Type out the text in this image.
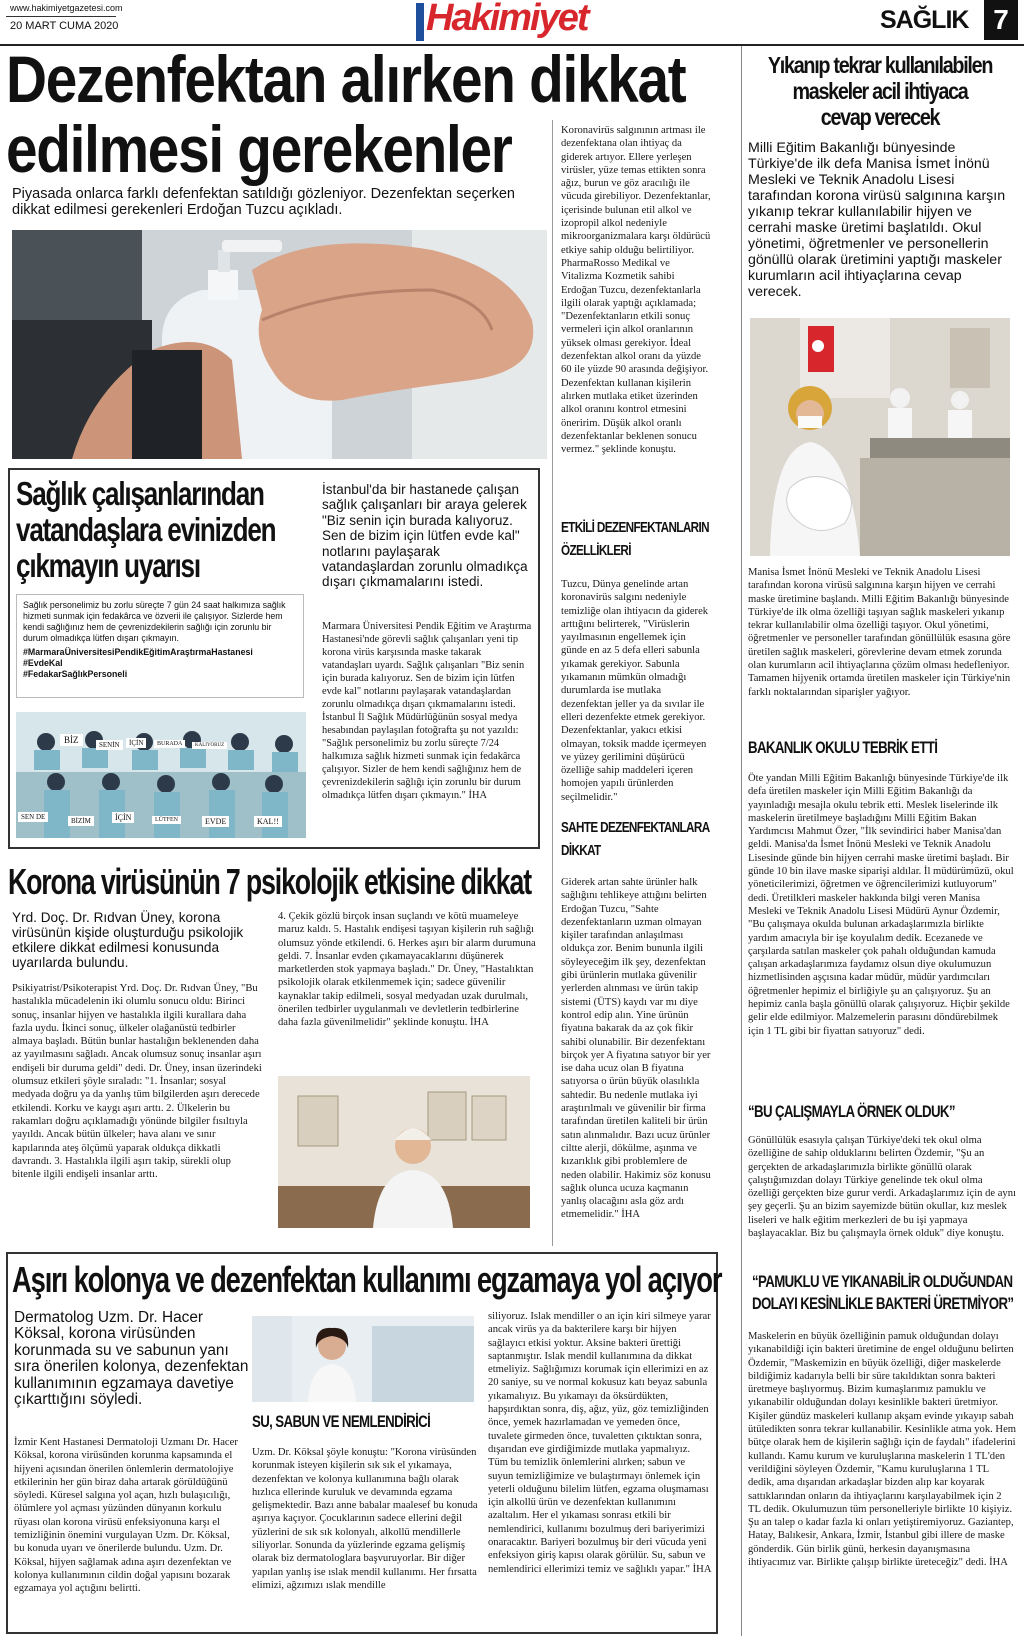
www.hakimiyetgazetesi.com
20 MART CUMA 2020	Hakimiyet	SAĞLIK 7
Dezenfektan alırken dikkat
edilmesi gerekenler
Piyasada onlarca farklı defenfektan satıldığı gözleniyor. Dezenfektan seçerken dikkat edilmesi gerekenleri Erdoğan Tuzcu açıkladı.
Koronavirüs salgınının artması ile dezenfektana olan ihtiyaç da giderek artıyor. Ellere yerleşen virüsler, yüze temas ettikten sonra ağız, burun ve göz aracılığı ile vücuda girebiliyor. Dezenfektanlar, içerisinde bulunan etil alkol ve izopropil alkol nedeniyle mikroorganizmalara karşı öldürücü etkiye sahip olduğu belirtiliyor. PharmaRosso Medikal ve Vitalizma Kozmetik sahibi Erdoğan Tuzcu, dezenfektanlarla ilgili olarak yaptığı açıklamada; "Dezenfektanların etkili sonuç vermeleri için alkol oranlarının yüksek olması gerekiyor. İdeal dezenfektan alkol oranı da yüzde 60 ile yüzde 90 arasında değişiyor. Dezenfektan kullanan kişilerin alırken mutlaka etiket üzerinden alkol oranını kontrol etmesini öneririm. Düşük alkol oranlı dezenfektanlar beklenen sonucu vermez." şeklinde konuştu.
ETKİLİ DEZENFEKTANLARIN ÖZELLİKLERİ
Tuzcu, Dünya genelinde artan koronavirüs salgını nedeniyle temizliğe olan ihtiyacın da giderek arttığını belirterek, "Virüslerin yayılmasının engellemek için günde en az 5 defa elleri sabunla yıkamak gerekiyor. Sabunla yıkamanın mümkün olmadığı durumlarda ise mutlaka dezenfektan jeller ya da sıvılar ile elleri dezenfekte etmek gerekiyor. Dezenfektanlar, yakıcı etkisi olmayan, toksik madde içermeyen ve yüzey gerilimini düşürücü özelliğe sahip maddeleri içeren homojen yapılı ürünlerden seçilmelidir."
SAHTE DEZENFEKTANLARA DİKKAT
Giderek artan sahte ürünler halk sağlığını tehlikeye attığını belirten Erdoğan Tuzcu, "Sahte dezenfektanların uzman olmayan kişiler tarafından anlaşılması oldukça zor. Benim bununla ilgili söyleyeceğim ilk şey, dezenfektan gibi ürünlerin mutlaka güvenilir yerlerden alınması ve ürün takip sistemi (ÜTS) kaydı var mı diye kontrol edip alın. Yine ürünün fiyatına bakarak da az çok fikir sahibi olunabilir. Bir dezenfektanı birçok yer A fiyatına satıyor bir yer ise daha ucuz olan B fiyatına satıyorsa o ürün büyük olasılıkla sahtedir. Bu nedenle mutlaka iyi araştırılmalı ve güvenilir bir firma tarafından üretilen kaliteli bir ürün satın alınmalıdır. Bazı ucuz ürünler ciltte alerji, dökülme, aşınma ve kızarıklık gibi problemlere de neden olabilir. Hakimiz söz konusu sağlık olunca ucuza kaçmanın yanlış olacağını asla göz ardı etmemelidir." İHA
Sağlık çalışanlarından
vatandaşlara evinizden
çıkmayın uyarısı
Sağlık personelimiz bu zorlu süreçte 7 gün 24 saat halkımıza sağlık hizmeti sunmak için fedakârca ve özverii ile çalışıyor. Sizlerde hem kendi sağlığınız hem de çevrenizdekilerin sağlığı için zorunlu bir durum olmadıkça lütfen dışarı çıkmayın.
#MarmaraÜniversitesiPendikEğitimAraştırmaHastanesi
#EvdeKal
#FedakarSağlıkPersoneli
BİZ	SENİN	İÇİN	BURADA	KALIYORUZ
SEN DE	BİZİM	İÇİN	LÜTFEN	EVDE	KAL!!
İstanbul'da bir hastanede çalışan sağlık çalışanları bir araya gelerek "Biz senin için burada kalıyoruz. Sen de bizim için lütfen evde kal" notlarını paylaşarak vatandaşlardan zorunlu olmadıkça dışarı çıkmamalarını istedi.
Marmara Üniversitesi Pendik Eğitim ve Araştırma Hastanesi'nde görevli sağlık çalışanları yeni tip korona virüs karşısında maske takarak vatandaşları uyardı. Sağlık çalışanları "Biz senin için burada kalıyoruz. Sen de bizim için lütfen evde kal" notlarını paylaşarak vatandaşlardan zorunlu olmadıkça dışarı çıkmamalarını istedi. İstanbul İl Sağlık Müdürlüğünün sosyal medya hesabından paylaşılan fotoğrafta şu not yazıldı: "Sağlık personelimiz bu zorlu süreçte 7/24 halkımıza sağlık hizmeti sunmak için fedakârca çalışıyor. Sizler de hem kendi sağlığınız hem de çevrenizdekilerin sağlığı için zorunlu bir durum olmadıkça lütfen dışarı çıkmayın." İHA
Korona virüsünün 7 psikolojik etkisine dikkat
Yrd. Doç. Dr. Rıdvan Üney, korona virüsünün kişide oluşturduğu psikolojik etkilere dikkat edilmesi konusunda uyarılarda bulundu.
Psikiyatrist/Psikoterapist Yrd. Doç. Dr. Rıdvan Üney, "Bu hastalıkla mücadelenin iki olumlu sonucu oldu: Birinci sonuç, insanlar hijyen ve hastalıkla ilgili kurallara daha fazla uydu. İkinci sonuç, ülkeler olağanüstü tedbirler almaya başladı. Bütün bunlar hastalığın beklenenden daha az yayılmasını sağladı. Ancak olumsuz sonuç insanlar aşırı endişeli bir duruma geldi" dedi. Dr. Üney, insan üzerindeki olumsuz etkileri şöyle sıraladı: "1. İnsanlar; sosyal medyada doğru ya da yanlış tüm bilgilerden aşırı derecede etkilendi. Korku ve kaygı aşırı arttı. 2. Ülkelerin bu rakamları doğru açıklamadığı yönünde bilgiler fısıltıyla yayıldı. Ancak bütün ülkeler; hava alanı ve sınır kapılarında ateş ölçümü yaparak oldukça dikkatli davrandı. 3. Hastalıkla ilgili aşırı takip, sürekli olup bitenle ilgili endişeli insanlar arttı.
4. Çekik gözlü birçok insan suçlandı ve kötü muameleye maruz kaldı. 5. Hastalık endişesi taşıyan kişilerin ruh sağlığı olumsuz yönde etkilendi. 6. Herkes aşırı bir alarm durumuna geldi. 7. İnsanlar evden çıkamayacaklarını düşünerek marketlerden stok yapmaya başladı." Dr. Üney, "Hastalıktan psikolojik olarak etkilenmemek için; sadece güvenilir kaynaklar takip edilmeli, sosyal medyadan uzak durulmalı, önerilen tedbirler uygulanmalı ve devletlerin tedbirlerine daha fazla güvenilmelidir" şeklinde konuştu. İHA
Aşırı kolonya ve dezenfektan kullanımı egzamaya yol açıyor
Dermatolog Uzm. Dr. Hacer Köksal, korona virüsünden korunmada su ve sabunun yanı sıra önerilen kolonya, dezenfektan kullanımının egzamaya davetiye çıkarttığını söyledi.
İzmir Kent Hastanesi Dermatoloji Uzmanı Dr. Hacer Köksal, korona virüsünden korunma kapsamında el hijyeni açısından önerilen önlemlerin dermatolojiye etkilerinin her gün biraz daha artarak görüldüğünü söyledi. Küresel salgına yol açan, hızlı bulaşıcılığı, ölümlere yol açması yüzünden dünyanın korkulu rüyası olan korona virüsü enfeksiyonuna karşı el temizliğinin önemini vurgulayan Uzm. Dr. Köksal, bu konuda uyarı ve önerilerde bulundu. Uzm. Dr. Köksal, hijyen sağlamak adına aşırı dezenfektan ve kolonya kullanımının cildin doğal yapısını bozarak egzamaya yol açtığını belirtti.
SU, SABUN VE NEMLENDİRİCİ
Uzm. Dr. Köksal şöyle konuştu: "Korona virüsünden korunmak isteyen kişilerin sık sık el yıkamaya, dezenfektan ve kolonya kullanımına bağlı olarak hızlıca ellerinde kuruluk ve devamında egzama gelişmektedir. Bazı anne babalar maalesef bu konuda aşırıya kaçıyor. Çocuklarının sadece ellerini değil yüzlerini de sık sık kolonyalı, alkollü mendillerle siliyorlar. Sonunda da yüzlerinde egzama gelişmiş olarak biz dermatologlara başvuruyorlar. Bir diğer yapılan yanlış ise ıslak mendil kullanımı. Her fırsatta elimizi, ağzımızı ıslak mendille
siliyoruz. Islak mendiller o an için kiri silmeye yarar ancak virüs ya da bakterilere karşı bir hijyen sağlayıcı etkisi yoktur. Aksine bakteri ürettiği saptanmıştır. Islak mendil kullanımına da dikkat etmeliyiz. Sağlığımızı korumak için ellerimizi en az 20 saniye, su ve normal kokusuz katı beyaz sabunla yıkamalıyız. Bu yıkamayı da öksürdükten, hapşırdıktan sonra, diş, ağız, yüz, göz temizliğinden önce, yemek hazırlamadan ve yemeden önce, tuvalete girmeden önce, tuvaletten çıktıktan sonra, dışarıdan eve girdiğimizde mutlaka yapmalıyız. Tüm bu temizlik önlemlerini alırken; sabun ve suyun temizliğimize ve bulaştırmayı önlemek için yeterli olduğunu bilelim lütfen, egzama oluşmaması için alkollü ürün ve dezenfektan kullanımını azaltalım. Her el yıkaması sonrası etkili bir nemlendirici, kullanımı bozulmuş deri bariyerimizi onaracaktır. Bariyeri bozulmuş bir deri vücuda yeni enfeksiyon giriş kapısı olarak görülür. Su, sabun ve nemlendirici ellerimizi temiz ve sağlıklı yapar." İHA
Yıkanıp tekrar kullanılabilen
maskeler acil ihtiyaca
cevap verecek
Milli Eğitim Bakanlığı bünyesinde Türkiye'de ilk defa Manisa İsmet İnönü Mesleki ve Teknik Anadolu Lisesi tarafından korona virüsü salgınına karşın yıkanıp tekrar kullanılabilir hijyen ve cerrahi maske üretimi başlatıldı. Okul yönetimi, öğretmenler ve personellerin gönüllü olarak üretimini yaptığı maskeler kurumların acil ihtiyaçlarına cevap verecek.
Manisa İsmet İnönü Mesleki ve Teknik Anadolu Lisesi tarafından korona virüsü salgınına karşın hijyen ve cerrahi maske üretimine başlandı. Milli Eğitim Bakanlığı bünyesinde Türkiye'de ilk olma özelliği taşıyan sağlık maskeleri yıkanıp tekrar kullanılabilir olma özelliği taşıyor. Okul yönetimi, öğretmenler ve personeller tarafından gönüllülük esasına göre üretilen sağlık maskeleri, görevlerine devam etmek zorunda olan kurumların acil ihtiyaçlarına çözüm olması hedefleniyor. Tamamen hijyenik ortamda üretilen maskeler için Türkiye'nin farklı noktalarından siparişler yağıyor.
BAKANLIK OKULU TEBRİK ETTİ
Öte yandan Milli Eğitim Bakanlığı bünyesinde Türkiye'de ilk defa üretilen maskeler için Milli Eğitim Bakanlığı da yayınladığı mesajla okulu tebrik etti. Meslek liselerinde ilk maskelerin üretilmeye başladığını Milli Eğitim Bakan Yardımcısı Mahmut Özer, "İlk sevindirici haber Manisa'dan geldi. Manisa'da İsmet İnönü Mesleki ve Teknik Anadolu Lisesinde günde bin hijyen cerrahi maske üretimi başladı. Bir günde 10 bin ilave maske siparişi aldılar. İl müdürümüzü, okul yöneticilerimizi, öğretmen ve öğrencilerimizi kutluyorum" dedi. Üretilkleri maskeler hakkında bilgi veren Manisa Mesleki ve Teknik Anadolu Lisesi Müdürü Aynur Özdemir, "Bu çalışmaya okulda bulunan arkadaşlarımızla birlikte yardım amacıyla bir işe koyulalım dedik. Ecezanede ve çarşılarda satılan maskeler çok pahalı olduğundan kamuda çalışan arkadaşlarımıza faydamız olsun diye okulumuzun hizmetlisinden aşçısına kadar müdür, müdür yardımcıları öğretmenler hepimiz el birliğiyle şu an çalışıyoruz. Şu an hepimiz canla başla gönüllü olarak çalışıyoruz. Hiçbir şekilde gelir elde edilmiyor. Malzemelerin parasını döndürebilmek için 1 TL gibi bir fiyattan satıyoruz" dedi.
“BU ÇALIŞMAYLA ÖRNEK OLDUK”
Gönüllülük esasıyla çalışan Türkiye'deki tek okul olma özelliğine de sahip olduklarını belirten Özdemir, "Şu an gerçekten de arkadaşlarımızla birlikte gönüllü olarak çalıştığımızdan dolayı Türkiye genelinde tek okul olma özelliği gerçekten bize gurur verdi. Arkadaşlarımız için de aynı şey geçerli. Şu an bizim sayemizde bütün okullar, kız meslek liseleri ve halk eğitim merkezleri de bu işi yapmaya başlayacaklar. Biz bu çalışmayla örnek olduk" diye konuştu.
“PAMUKLU VE YIKANABİLİR OLDUĞUNDAN
DOLAYI KESİNLİKLE BAKTERİ ÜRETMİYOR”
Maskelerin en büyük özelliğinin pamuk olduğundan dolayı yıkanabildiği için bakteri üretimine de engel olduğunu belirten Özdemir, "Maskemizin en büyük özelliği, diğer maskelerde bildiğimiz kadarıyla belli bir süre takıldıktan sonra bakteri üretmeye başlıyormuş. Bizim kumaşlarımız pamuklu ve yıkanabilir olduğundan dolayı kesinlikle bakteri üretmiyor. Kişiler gündüz maskeleri kullanıp akşam evinde yıkayıp sabah ütüledikten sonra tekrar kullanabilir. Kesinlikle atma yok. Hem bütçe olarak hem de kişilerin sağlığı için de faydalı" ifadelerini kullandı. Kamu kurum ve kuruluşlarına maskelerin 1 TL'den verildiğini söyleyen Özdemir, "Kamu kuruluşlarına 1 TL dedik, ama dışarıdan arkadaşlar bizden alıp kar koyarak sattıklarından onların da ihtiyaçlarını karşılayabilmek için 2 TL dedik. Okulumuzun tüm personelleriyle birlikte 10 kişiyiz. Şu an talep o kadar fazla ki onları yetiştiremiyoruz. Gaziantep, Hatay, Balıkesir, Ankara, İzmir, İstanbul gibi illere de maske gönderdik. Gün birlik günü, herkesin dayanışmasına ihtiyacımız var. Birlikte çalışıp birlikte üreteceğiz" dedi. İHA
